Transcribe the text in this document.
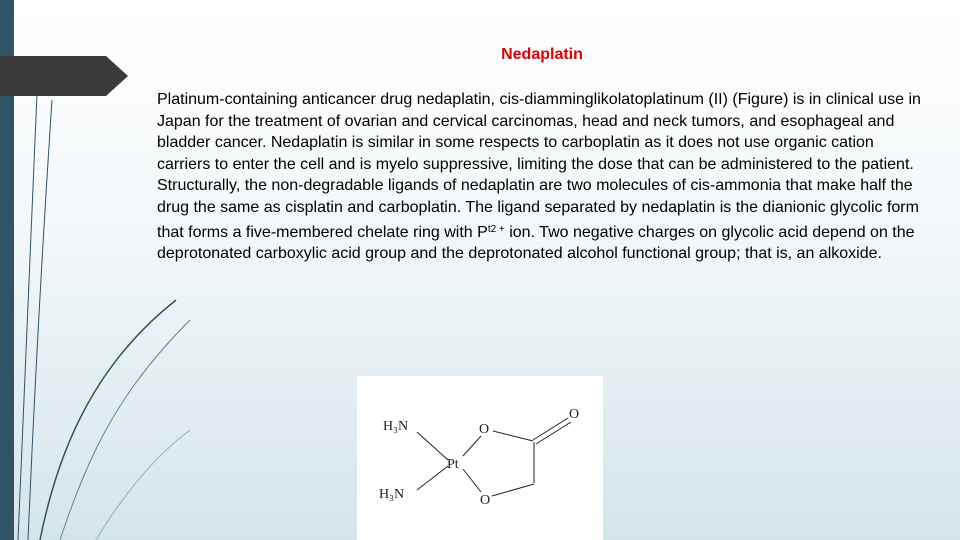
Nedaplatin

Platinum-containing anticancer drug nedaplatin, cis-diamminglikolatoplatinum (II) (Figure) is in clinical use in Japan for the treatment of ovarian and cervical carcinomas, head and neck tumors, and esophageal and bladder cancer. Nedaplatin is similar in some respects to carboplatin as it does not use organic cation carriers to enter the cell and is myelo suppressive, limiting the dose that can be administered to the patient.

Structurally, the non-degradable ligands of nedaplatin are two molecules of cis-ammonia that make half the drug the same as cisplatin and carboplatin. The ligand separated by nedaplatin is the dianionic glycolic form that forms a five-membered chelate ring with $P^{t2 +}$ ion. Two negative charges on glycolic acid depend on the deprotonated carboxylic acid group and the deprotonated alcohol functional group; that is, an alkoxide.

H₃N
H₃N
Pt
O
O
O
